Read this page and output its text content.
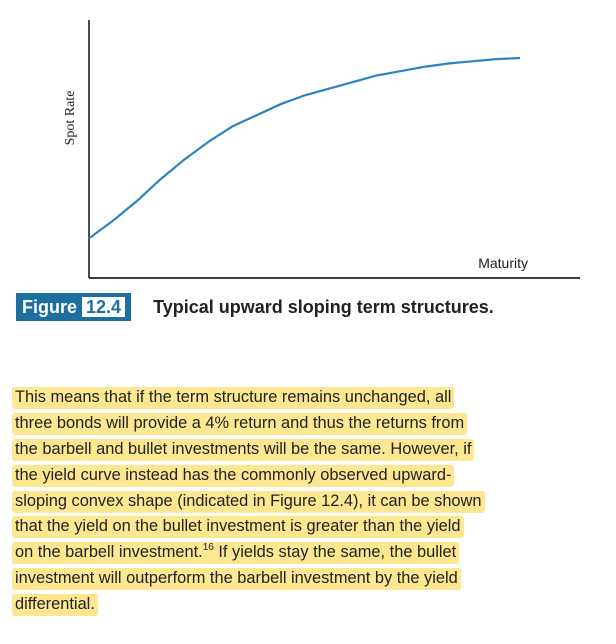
Spot Rate
Maturity
Figure 12.4 Typical upward sloping term structures.
This means that if the term structure remains unchanged, all
three bonds will provide a 4% return and thus the returns from
the barbell and bullet investments will be the same. However, if
the yield curve instead has the commonly observed upward-
sloping convex shape (indicated in Figure 12.4), it can be shown
that the yield on the bullet investment is greater than the yield
on the barbell investment.$^{16}$ If yields stay the same, the bullet
investment will outperform the barbell investment by the yield
differential.
